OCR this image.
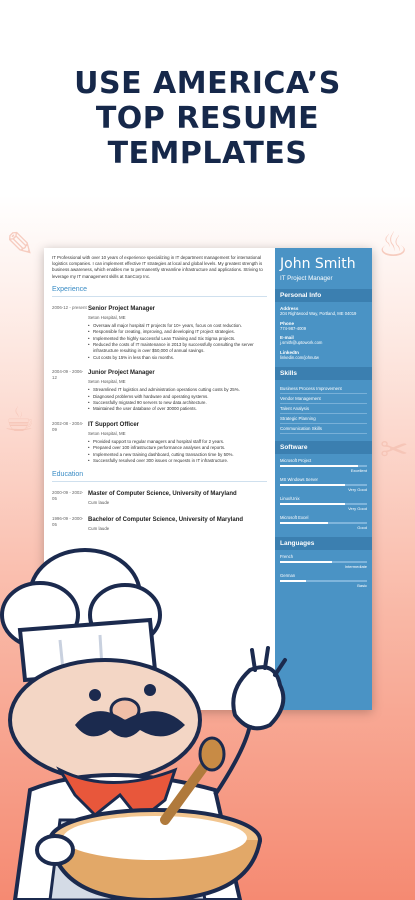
USE AMERICA’S
TOP RESUME
TEMPLATES
✎	♨
✂
☕
IT Professional with over 10 years of experience specializing in IT department management for international logistics companies. I can implement effective IT strategies at local and global levels. My greatest strength is business awareness, which enables me to permanently streamline infrastructure and applications. Striving to leverage my IT management skills at SanCorp Inc.
Experience
2006-12 - present Senior Project Manager
Seton Hospital, ME
• Oversaw all major hospital IT projects for 10+ years, focus on cost reduction.
• Responsible for creating, improving, and developing IT project strategies.
• Implemented the highly successful Lean Training and Six Sigma projects.
• Reduced the costs of IT maintenance in 2013 by successfully consulting the server infrastructure resulting in over $50,000 of annual savings.
• Cut costs by 15% in less than six months.
2004-09 - 2006-12
Junior Project Manager
Seton Hospital, ME
• Streamlined IT logistics and administration operations cutting costs by 25%.
• Diagnosed problems with hardware and operating systems.
• Successfully migrated 90 servers to new data architecture.
• Maintained the user database of over 30000 patients.
2002-08 - 2004-09
IT Support Officer
Seton Hospital, ME
• Provided support to regular managers and hospital staff for 2 years.
• Prepared over 100 infrastructure performance analyses and reports.
• Implemented a new training dashboard, cutting transaction time by 50%.
• Successfully resolved over 300 issues or requests in IT infrastructure.
Education
2000-09 - 2002-05
Master of Computer Science, University of Maryland
Cum laude
1996-09 - 2000-05
Bachelor of Computer Science, University of Maryland
Cum laude
John Smith
IT Project Manager
Personal Info
Address
204 Rightwood Way, Portland, ME 04019
Phone
774-987-4009
E-mail
j.smith@uptowork.com
LinkedIn
linkedin.com/johnutw
Skills
Business Process Improvement
Vendor Management
Talent Analysis
Strategic Planning
Communication Skills
Software
Microsoft Project
Excellent
MS Windows Server
Very Good
Linux/Unix
Very Good
Microsoft Excel
Good
Languages
French
Intermediate
German
Basic
